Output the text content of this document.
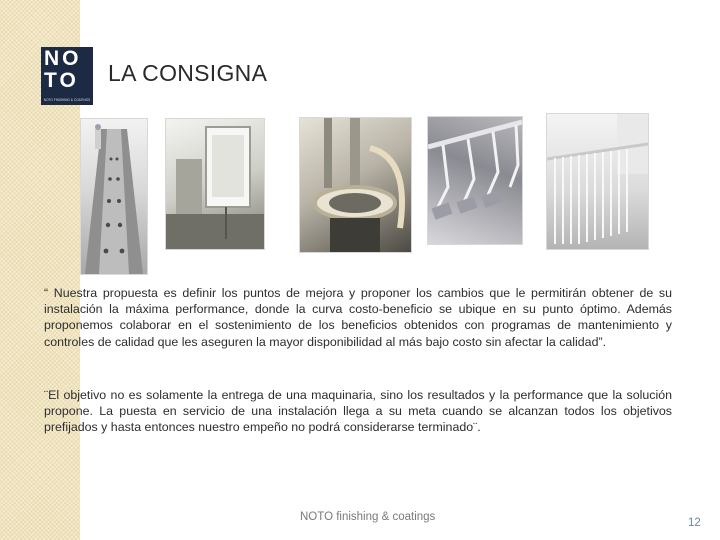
NO
TO
NOTO FINISHING & COATINGS
LA CONSIGNA

“ Nuestra propuesta es definir los puntos de mejora y proponer los cambios que le permitirán obtener de su instalación la máxima performance, donde la curva costo-beneficio se ubique en su punto óptimo. Además proponemos colaborar en el sostenimiento de los beneficios obtenidos con programas de mantenimiento y controles de calidad que les aseguren la mayor disponibilidad al más bajo costo sin afectar la calidad”.

¨El objetivo no es solamente la entrega de una maquinaria, sino los resultados y la performance que la solución propone. La puesta en servicio de una instalación llega a su meta cuando se alcanzan todos los objetivos prefijados y hasta entonces nuestro empeño no podrá considerarse terminado¨.

NOTO finishing & coatings	12
